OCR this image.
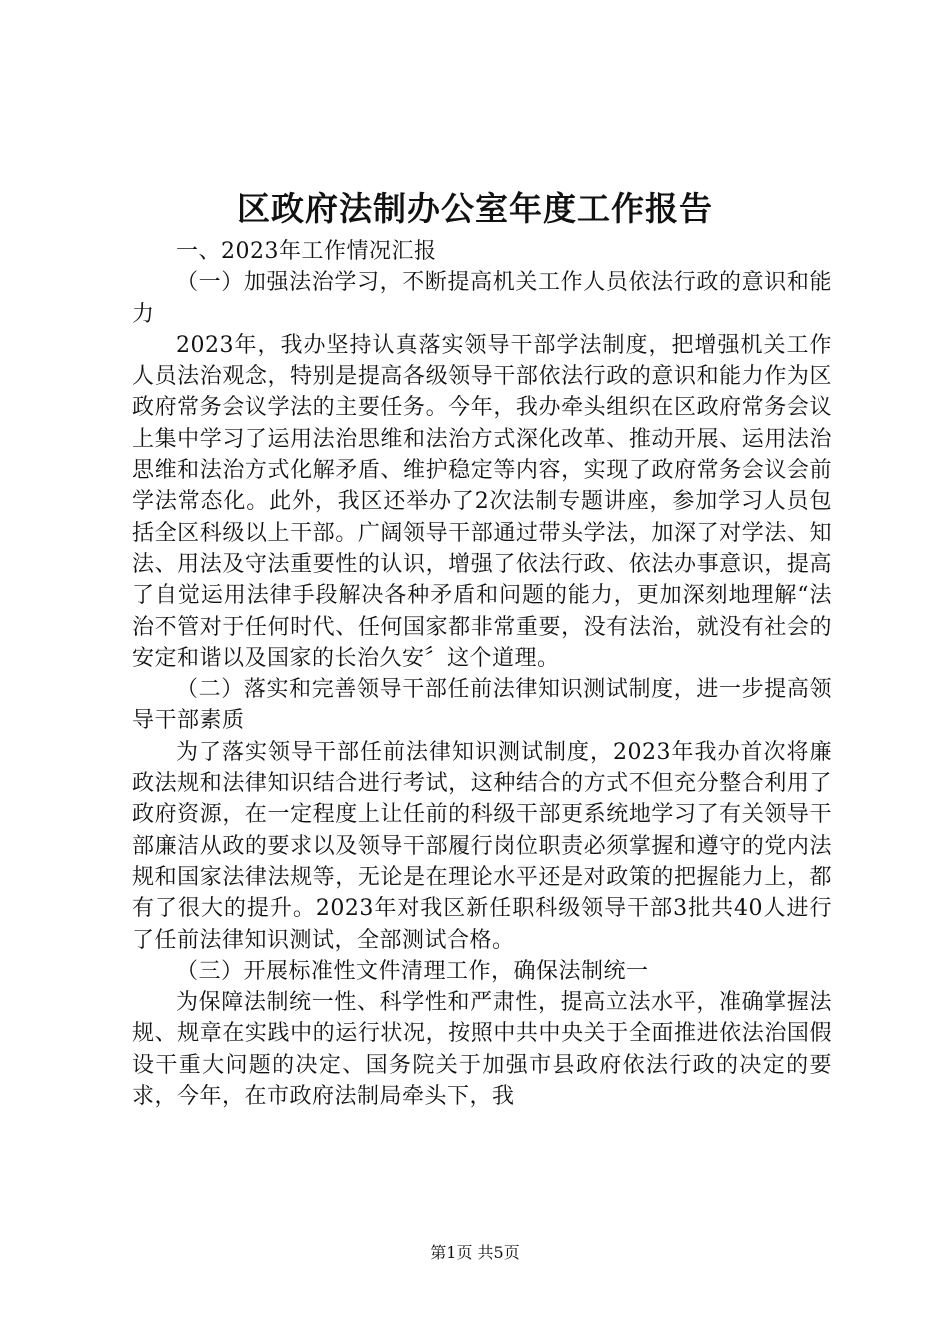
区政府法制办公室年度工作报告

一、2023年工作情况汇报

（一）加强法治学习，不断提高机关工作人员依法行政的意识和能力

2023年，我办坚持认真落实领导干部学法制度，把增强机关工作人员法治观念，特别是提高各级领导干部依法行政的意识和能力作为区政府常务会议学法的主要任务。今年，我办牵头组织在区政府常务会议上集中学习了运用法治思维和法治方式深化改革、推动开展、运用法治思维和法治方式化解矛盾、维护稳定等内容，实现了政府常务会议会前学法常态化。此外，我区还举办了2次法制专题讲座，参加学习人员包括全区科级以上干部。广阔领导干部通过带头学法，加深了对学法、知法、用法及守法重要性的认识，增强了依法行政、依法办事意识，提高了自觉运用法律手段解决各种矛盾和问题的能力，更加深刻地理解“法治不管对于任何时代、任何国家都非常重要，没有法治，就没有社会的安定和谐以及国家的长治久安〞这个道理。

（二）落实和完善领导干部任前法律知识测试制度，进一步提高领导干部素质

为了落实领导干部任前法律知识测试制度，2023年我办首次将廉政法规和法律知识结合进行考试，这种结合的方式不但充分整合利用了政府资源，在一定程度上让任前的科级干部更系统地学习了有关领导干部廉洁从政的要求以及领导干部履行岗位职责必须掌握和遵守的党内法规和国家法律法规等，无论是在理论水平还是对政策的把握能力上，都有了很大的提升。2023年对我区新任职科级领导干部3批共40人进行了任前法律知识测试，全部测试合格。

（三）开展标准性文件清理工作，确保法制统一

为保障法制统一性、科学性和严肃性，提高立法水平，准确掌握法规、规章在实践中的运行状况，按照中共中央关于全面推进依法治国假设干重大问题的决定、国务院关于加强市县政府依法行政的决定的要求，今年，在市政府法制局牵头下，我

第1页 共5页
